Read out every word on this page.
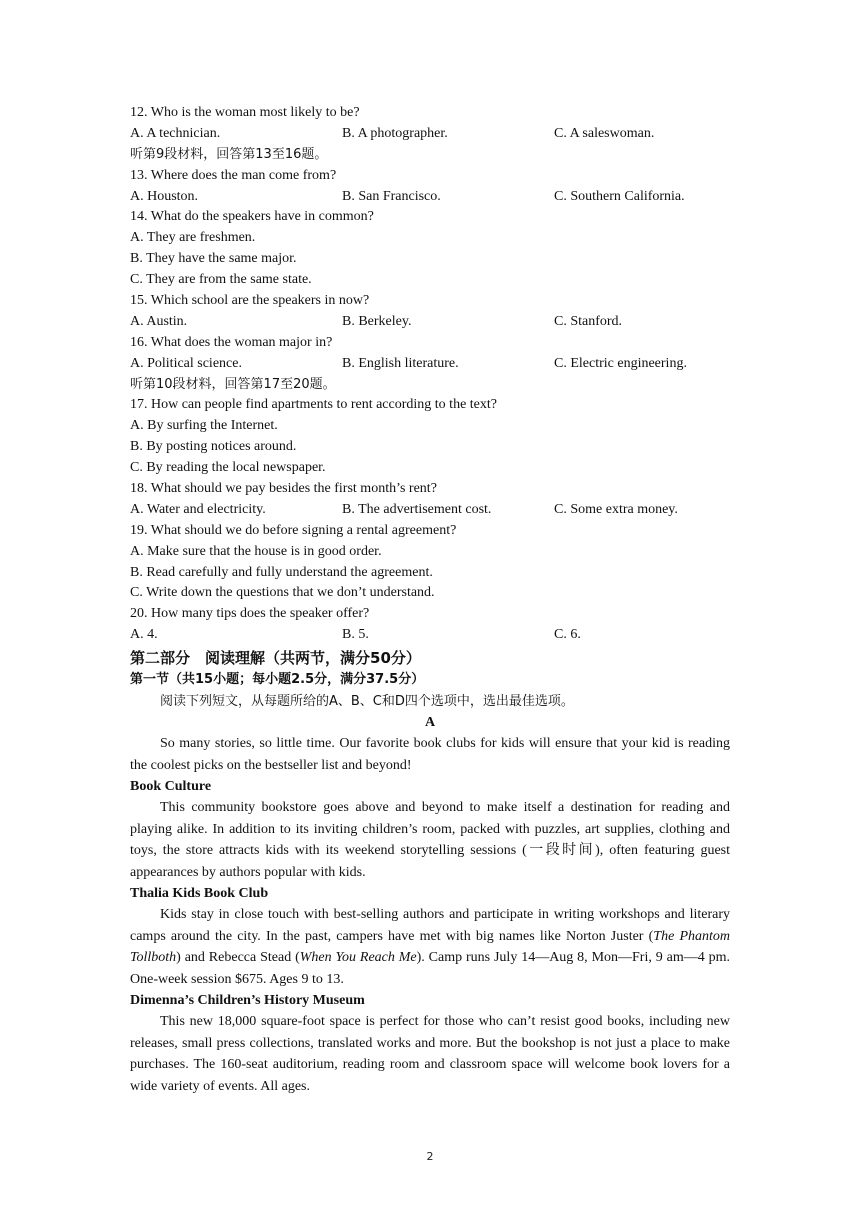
12. Who is the woman most likely to be?
A. A technician.	B. A photographer.	C. A saleswoman.
听第9段材料，回答第13至16题。
13. Where does the man come from?
A. Houston.	B. San Francisco.	C. Southern California.
14. What do the speakers have in common?
A. They are freshmen.
B. They have the same major.
C. They are from the same state.
15. Which school are the speakers in now?
A. Austin.	B. Berkeley.	C. Stanford.
16. What does the woman major in?
A. Political science.	B. English literature.	C. Electric engineering.
听第10段材料，回答第17至20题。
17. How can people find apartments to rent according to the text?
A. By surfing the Internet.
B. By posting notices around.
C. By reading the local newspaper.
18. What should we pay besides the first month’s rent?
A. Water and electricity.	B. The advertisement cost.	C. Some extra money.
19. What should we do before signing a rental agreement?
A. Make sure that the house is in good order.
B. Read carefully and fully understand the agreement.
C. Write down the questions that we don’t understand.
20. How many tips does the speaker offer?
A. 4.	B. 5.	C. 6.
第二部分　阅读理解（共两节，满分50分）
第一节（共15小题；每小题2.5分，满分37.5分）
阅读下列短文，从每题所给的A、B、C和D四个选项中，选出最佳选项。
A
So many stories, so little time. Our favorite book clubs for kids will ensure that your kid is reading the coolest picks on the bestseller list and beyond!
Book Culture
This community bookstore goes above and beyond to make itself a destination for reading and playing alike. In addition to its inviting children’s room, packed with puzzles, art supplies, clothing and toys, the store attracts kids with its weekend storytelling sessions (一段时间), often featuring guest appearances by authors popular with kids.
Thalia Kids Book Club
Kids stay in close touch with best-selling authors and participate in writing workshops and literary camps around the city. In the past, campers have met with big names like Norton Juster (The Phantom Tollboth) and Rebecca Stead (When You Reach Me). Camp runs July 14—Aug 8, Mon—Fri, 9 am—4 pm. One-week session $675. Ages 9 to 13.
Dimenna’s Children’s History Museum
This new 18,000 square-foot space is perfect for those who can’t resist good books, including new releases, small press collections, translated works and more. But the bookshop is not just a place to make purchases. The 160-seat auditorium, reading room and classroom space will welcome book lovers for a wide variety of events. All ages.
2
